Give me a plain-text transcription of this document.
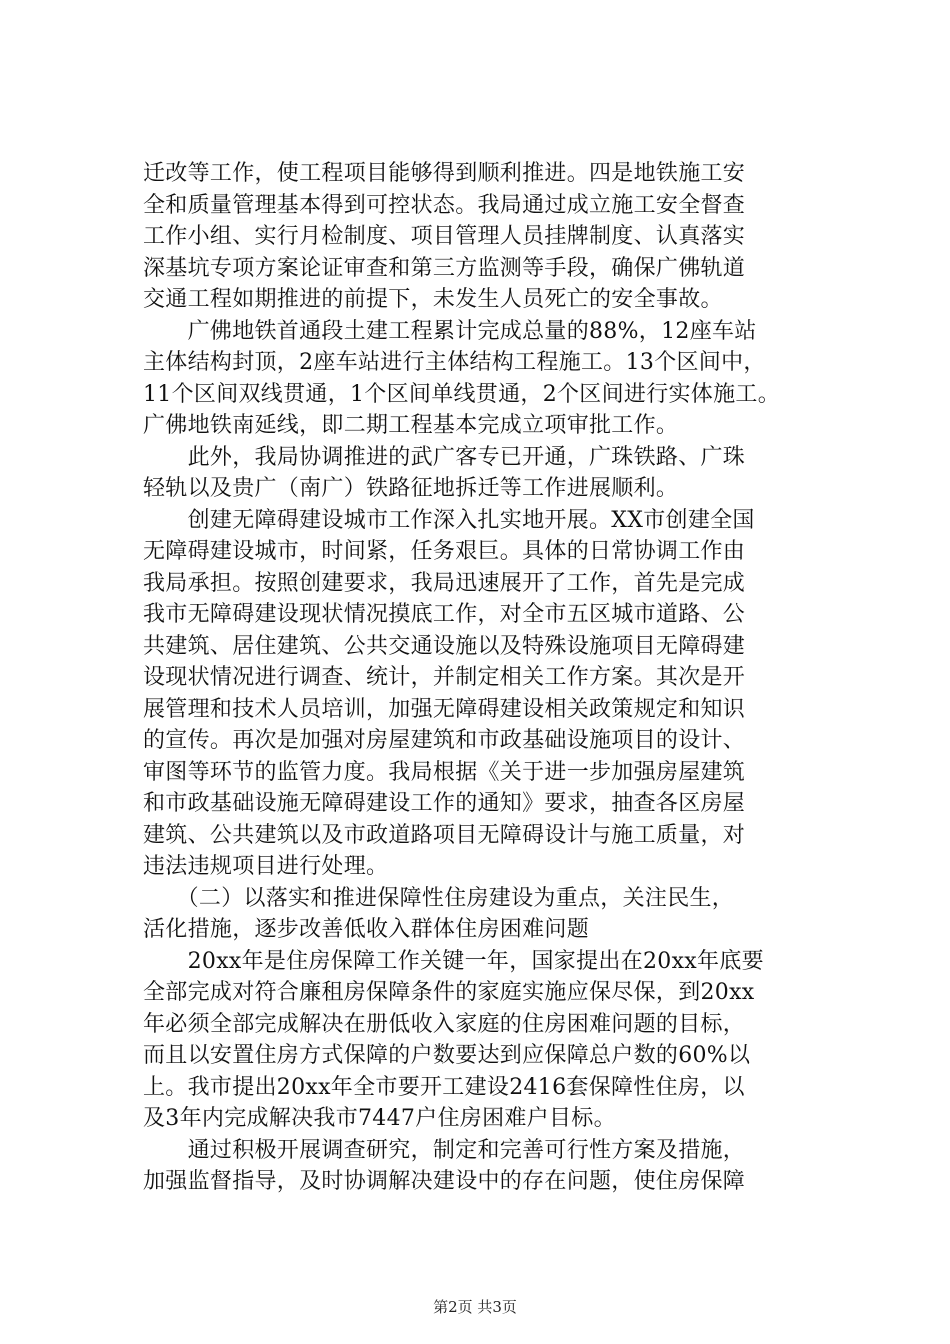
迁改等工作，使工程项目能够得到顺利推进。四是地铁施工安
全和质量管理基本得到可控状态。我局通过成立施工安全督查
工作小组、实行月检制度、项目管理人员挂牌制度、认真落实
深基坑专项方案论证审查和第三方监测等手段，确保广佛轨道
交通工程如期推进的前提下，未发生人员死亡的安全事故。
　　广佛地铁首通段土建工程累计完成总量的88%，12座车站
主体结构封顶，2座车站进行主体结构工程施工。13个区间中，
11个区间双线贯通，1个区间单线贯通，2个区间进行实体施工。
广佛地铁南延线，即二期工程基本完成立项审批工作。
　　此外，我局协调推进的武广客专已开通，广珠铁路、广珠
轻轨以及贵广（南广）铁路征地拆迁等工作进展顺利。
　　创建无障碍建设城市工作深入扎实地开展。XX市创建全国
无障碍建设城市，时间紧，任务艰巨。具体的日常协调工作由
我局承担。按照创建要求，我局迅速展开了工作，首先是完成
我市无障碍建设现状情况摸底工作，对全市五区城市道路、公
共建筑、居住建筑、公共交通设施以及特殊设施项目无障碍建
设现状情况进行调查、统计，并制定相关工作方案。其次是开
展管理和技术人员培训，加强无障碍建设相关政策规定和知识
的宣传。再次是加强对房屋建筑和市政基础设施项目的设计、
审图等环节的监管力度。我局根据《关于进一步加强房屋建筑
和市政基础设施无障碍建设工作的通知》要求，抽查各区房屋
建筑、公共建筑以及市政道路项目无障碍设计与施工质量，对
违法违规项目进行处理。
　　（二）以落实和推进保障性住房建设为重点，关注民生，
活化措施，逐步改善低收入群体住房困难问题
　　20xx年是住房保障工作关键一年，国家提出在20xx年底要
全部完成对符合廉租房保障条件的家庭实施应保尽保，到20xx
年必须全部完成解决在册低收入家庭的住房困难问题的目标，
而且以安置住房方式保障的户数要达到应保障总户数的60%以
上。我市提出20xx年全市要开工建设2416套保障性住房，以
及3年内完成解决我市7447户住房困难户目标。
　　通过积极开展调查研究，制定和完善可行性方案及措施，
加强监督指导，及时协调解决建设中的存在问题，使住房保障
第2页 共3页
